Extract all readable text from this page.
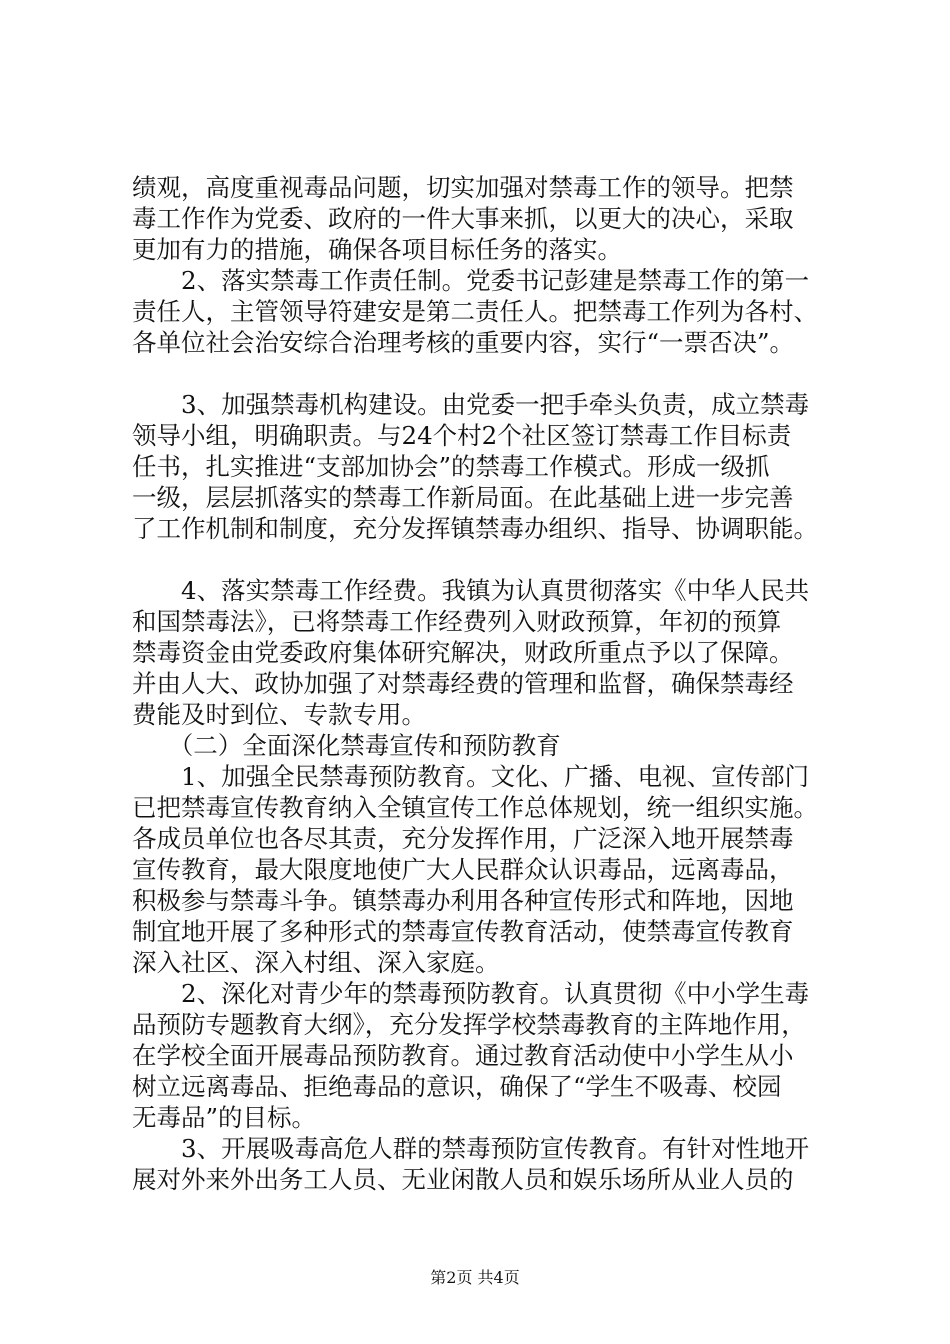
绩观，高度重视毒品问题，切实加强对禁毒工作的领导。把禁
毒工作作为党委、政府的一件大事来抓，以更大的决心，采取
更加有力的措施，确保各项目标任务的落实。
　　2、落实禁毒工作责任制。党委书记彭建是禁毒工作的第一
责任人，主管领导符建安是第二责任人。把禁毒工作列为各村、
各单位社会治安综合治理考核的重要内容，实行“一票否决”。
　　3、加强禁毒机构建设。由党委一把手牵头负责，成立禁毒
领导小组，明确职责。与24个村2个社区签订禁毒工作目标责
任书，扎实推进“支部加协会”的禁毒工作模式。形成一级抓
一级，层层抓落实的禁毒工作新局面。在此基础上进一步完善
了工作机制和制度，充分发挥镇禁毒办组织、指导、协调职能。
　　4、落实禁毒工作经费。我镇为认真贯彻落实《中华人民共
和国禁毒法》，已将禁毒工作经费列入财政预算，年初的预算
禁毒资金由党委政府集体研究解决，财政所重点予以了保障。
并由人大、政协加强了对禁毒经费的管理和监督，确保禁毒经
费能及时到位、专款专用。
　　（二）全面深化禁毒宣传和预防教育
　　1、加强全民禁毒预防教育。文化、广播、电视、宣传部门
已把禁毒宣传教育纳入全镇宣传工作总体规划，统一组织实施。
各成员单位也各尽其责，充分发挥作用，广泛深入地开展禁毒
宣传教育，最大限度地使广大人民群众认识毒品，远离毒品，
积极参与禁毒斗争。镇禁毒办利用各种宣传形式和阵地，因地
制宜地开展了多种形式的禁毒宣传教育活动，使禁毒宣传教育
深入社区、深入村组、深入家庭。
　　2、深化对青少年的禁毒预防教育。认真贯彻《中小学生毒
品预防专题教育大纲》，充分发挥学校禁毒教育的主阵地作用，
在学校全面开展毒品预防教育。通过教育活动使中小学生从小
树立远离毒品、拒绝毒品的意识，确保了“学生不吸毒、校园
无毒品”的目标。
　　3、开展吸毒高危人群的禁毒预防宣传教育。有针对性地开
展对外来外出务工人员、无业闲散人员和娱乐场所从业人员的
第2页 共4页
